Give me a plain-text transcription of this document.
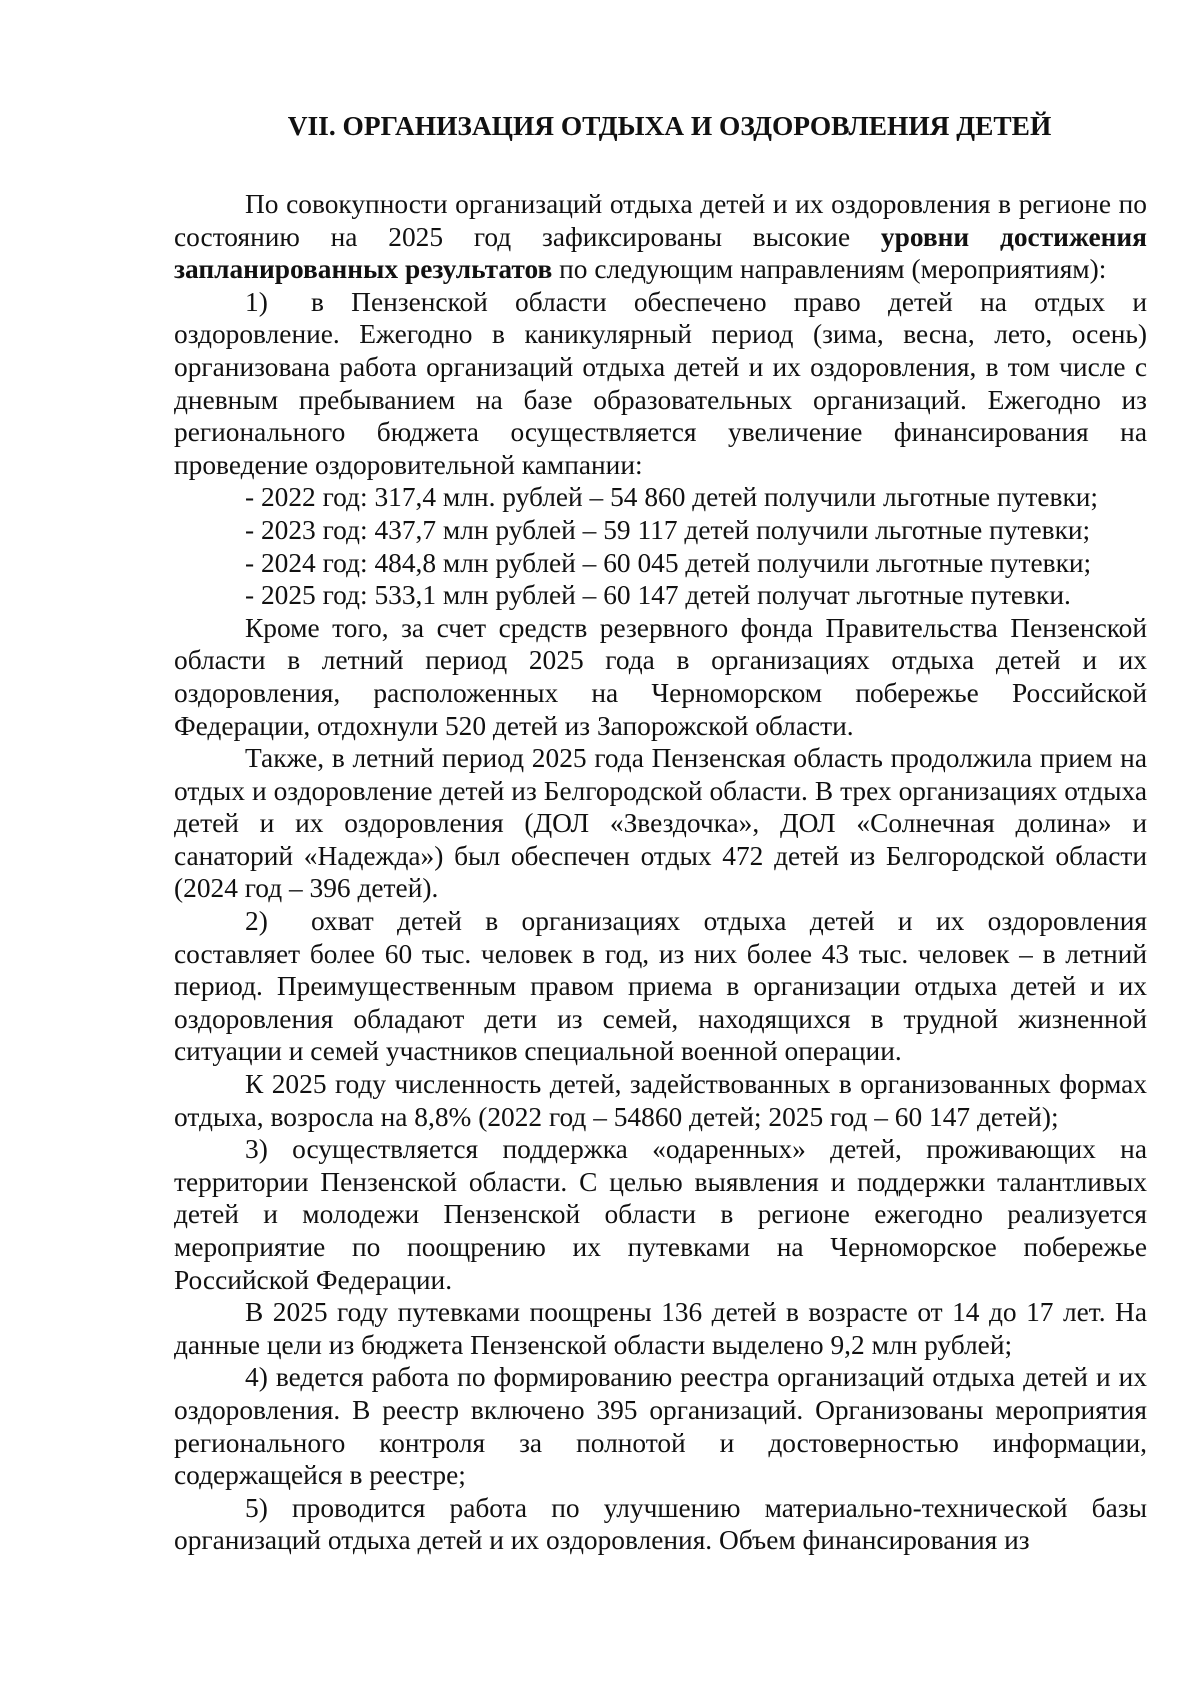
VII. ОРГАНИЗАЦИЯ ОТДЫХА И ОЗДОРОВЛЕНИЯ ДЕТЕЙ

По совокупности организаций отдыха детей и их оздоровления в регионе по состоянию на 2025 год зафиксированы высокие уровни достижения запланированных результатов по следующим направлениям (мероприятиям):

1) в Пензенской области обеспечено право детей на отдых и оздоровление. Ежегодно в каникулярный период (зима, весна, лето, осень) организована работа организаций отдыха детей и их оздоровления, в том числе с дневным пребыванием на базе образовательных организаций. Ежегодно из регионального бюджета осуществляется увеличение финансирования на проведение оздоровительной кампании:

- 2022 год: 317,4 млн. рублей – 54 860 детей получили льготные путевки;

- 2023 год: 437,7 млн рублей – 59 117 детей получили льготные путевки;

- 2024 год: 484,8 млн рублей – 60 045 детей получили льготные путевки;

- 2025 год: 533,1 млн рублей – 60 147 детей получат льготные путевки.

Кроме того, за счет средств резервного фонда Правительства Пензенской области в летний период 2025 года в организациях отдыха детей и их оздоровления, расположенных на Черноморском побережье Российской Федерации, отдохнули 520 детей из Запорожской области.

Также, в летний период 2025 года Пензенская область продолжила прием на отдых и оздоровление детей из Белгородской области. В трех организациях отдыха детей и их оздоровления (ДОЛ «Звездочка», ДОЛ «Солнечная долина» и санаторий «Надежда») был обеспечен отдых 472 детей из Белгородской области (2024 год – 396 детей).

2) охват детей в организациях отдыха детей и их оздоровления составляет более 60 тыс. человек в год, из них более 43 тыс. человек – в летний период. Преимущественным правом приема в организации отдыха детей и их оздоровления обладают дети из семей, находящихся в трудной жизненной ситуации и семей участников специальной военной операции.

К 2025 году численность детей, задействованных в организованных формах отдыха, возросла на 8,8% (2022 год – 54860 детей; 2025 год – 60 147 детей);

3) осуществляется поддержка «одаренных» детей, проживающих на территории Пензенской области. С целью выявления и поддержки талантливых детей и молодежи Пензенской области в регионе ежегодно реализуется мероприятие по поощрению их путевками на Черноморское побережье Российской Федерации.

В 2025 году путевками поощрены 136 детей в возрасте от 14 до 17 лет. На данные цели из бюджета Пензенской области выделено 9,2 млн рублей;

4) ведется работа по формированию реестра организаций отдыха детей и их оздоровления. В реестр включено 395 организаций. Организованы мероприятия регионального контроля за полнотой и достоверностью информации, содержащейся в реестре;

5) проводится работа по улучшению материально-технической базы организаций отдыха детей и их оздоровления. Объем финансирования из
